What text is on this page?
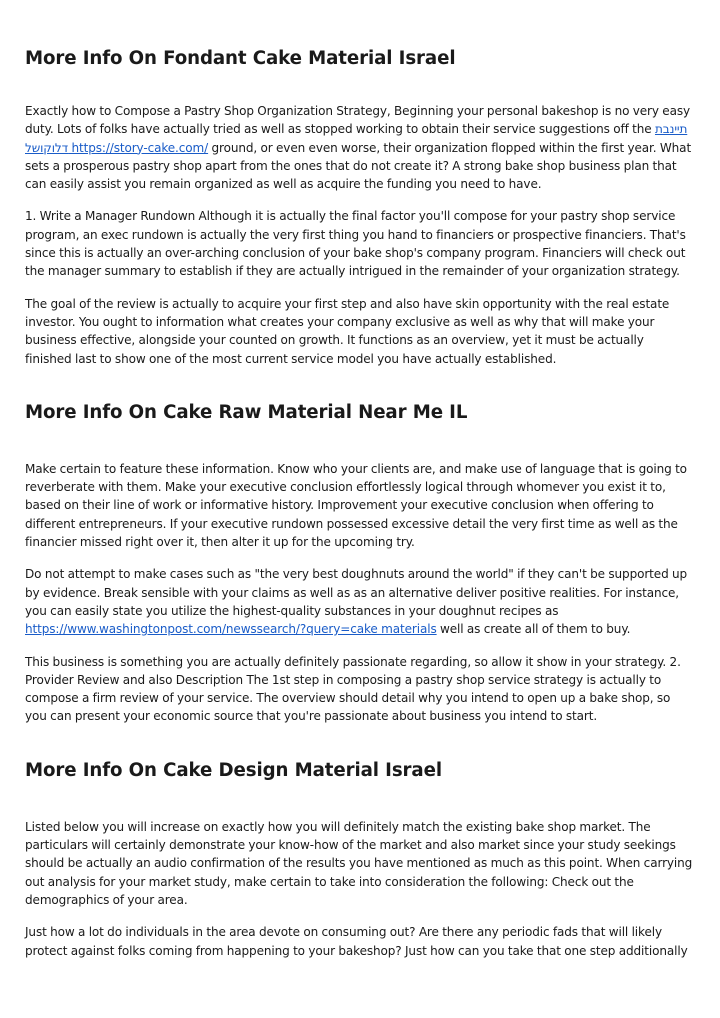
More Info On Fondant Cake Material Israel

Exactly how to Compose a Pastry Shop Organization Strategy, Beginning your personal bakeshop is no very easy duty. Lots of folks have actually tried as well as stopped working to obtain their service suggestions off the תיינבת דלוקושל https://story-cake.com/ ground, or even even worse, their organization flopped within the first year. What sets a prosperous pastry shop apart from the ones that do not create it? A strong bake shop business plan that can easily assist you remain organized as well as acquire the funding you need to have.

1. Write a Manager Rundown Although it is actually the final factor you'll compose for your pastry shop service program, an exec rundown is actually the very first thing you hand to financiers or prospective financiers. That's since this is actually an over-arching conclusion of your bake shop's company program. Financiers will check out the manager summary to establish if they are actually intrigued in the remainder of your organization strategy.

The goal of the review is actually to acquire your first step and also have skin opportunity with the real estate investor. You ought to information what creates your company exclusive as well as why that will make your business effective, alongside your counted on growth. It functions as an overview, yet it must be actually finished last to show one of the most current service model you have actually established.

More Info On Cake Raw Material Near Me IL

Make certain to feature these information. Know who your clients are, and make use of language that is going to reverberate with them. Make your executive conclusion effortlessly logical through whomever you exist it to, based on their line of work or informative history. Improvement your executive conclusion when offering to different entrepreneurs. If your executive rundown possessed excessive detail the very first time as well as the financier missed right over it, then alter it up for the upcoming try.

Do not attempt to make cases such as "the very best doughnuts around the world" if they can't be supported up by evidence. Break sensible with your claims as well as as an alternative deliver positive realities. For instance, you can easily state you utilize the highest-quality substances in your doughnut recipes as https://www.washingtonpost.com/newssearch/?query=cake materials well as create all of them to buy.

This business is something you are actually definitely passionate regarding, so allow it show in your strategy. 2. Provider Review and also Description The 1st step in composing a pastry shop service strategy is actually to compose a firm review of your service. The overview should detail why you intend to open up a bake shop, so you can present your economic source that you're passionate about business you intend to start.

More Info On Cake Design Material Israel

Listed below you will increase on exactly how you will definitely match the existing bake shop market. The particulars will certainly demonstrate your know-how of the market and also market since your study seekings should be actually an audio confirmation of the results you have mentioned as much as this point. When carrying out analysis for your market study, make certain to take into consideration the following: Check out the demographics of your area.

Just how a lot do individuals in the area devote on consuming out? Are there any periodic fads that will likely protect against folks coming from happening to your bakeshop? Just how can you take that one step additionally
